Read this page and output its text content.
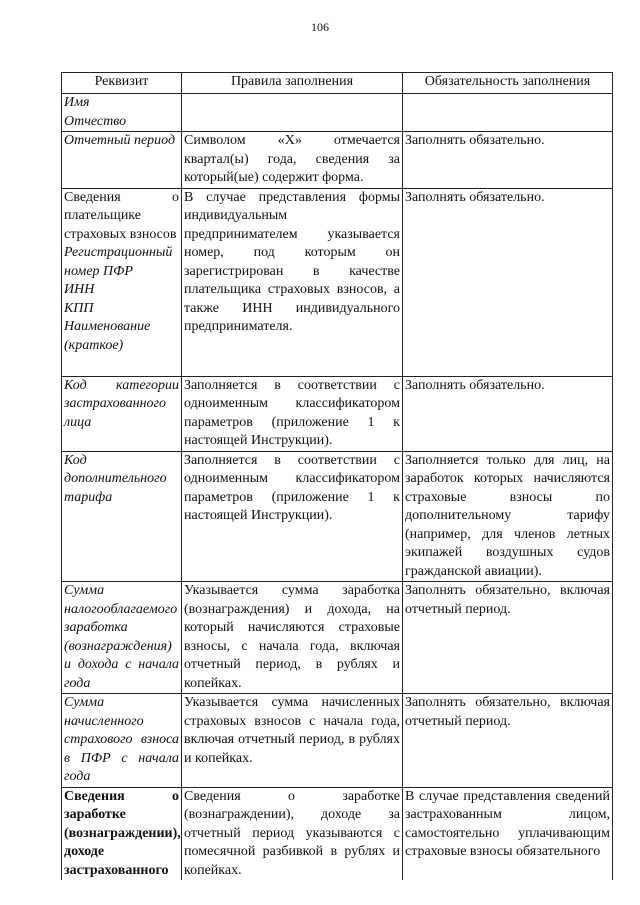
106
Реквизит	Правила заполнения	Обязательность заполнения

Имя
Отчество		

Отчетный период	Символом «X» отмечается квартал(ы) года, сведения за который(ые) содержит форма.	Заполнять обязательно.

Сведения о плательщике страховых взносов
Регистрационный номер ПФР
ИНН
КПП
Наименование (краткое)	В случае представления формы индивидуальным предпринимателем указывается номер, под которым он зарегистрирован в качестве плательщика страховых взносов, а также ИНН индивидуального предпринимателя.	Заполнять обязательно.

Код категории застрахованного лица	Заполняется в соответствии с одноименным классификатором параметров (приложение 1 к настоящей Инструкции).	Заполнять обязательно.

Код дополнительного тарифа	Заполняется в соответствии с одноименным классификатором параметров (приложение 1 к настоящей Инструкции).	Заполняется только для лиц, на заработок которых начисляются страховые взносы по дополнительному тарифу (например, для членов летных экипажей воздушных судов гражданской авиации).

Сумма налогооблагаемого заработка (вознаграждения) и дохода с начала года	Указывается сумма заработка (вознаграждения) и дохода, на который начисляются страховые взносы, с начала года, включая отчетный период, в рублях и копейках.	Заполнять обязательно, включая отчетный период.

Сумма начисленного страхового взноса в ПФР с начала года	Указывается сумма начисленных страховых взносов с начала года, включая отчетный период, в рублях и копейках.	Заполнять обязательно, включая отчетный период.

Сведения о заработке (вознаграждении), доходе застрахованного	Сведения о заработке (вознаграждении), доходе за отчетный период указываются с помесячной разбивкой в рублях и копейках.	В случае представления сведений застрахованным лицом, самостоятельно уплачивающим страховые взносы обязательного
